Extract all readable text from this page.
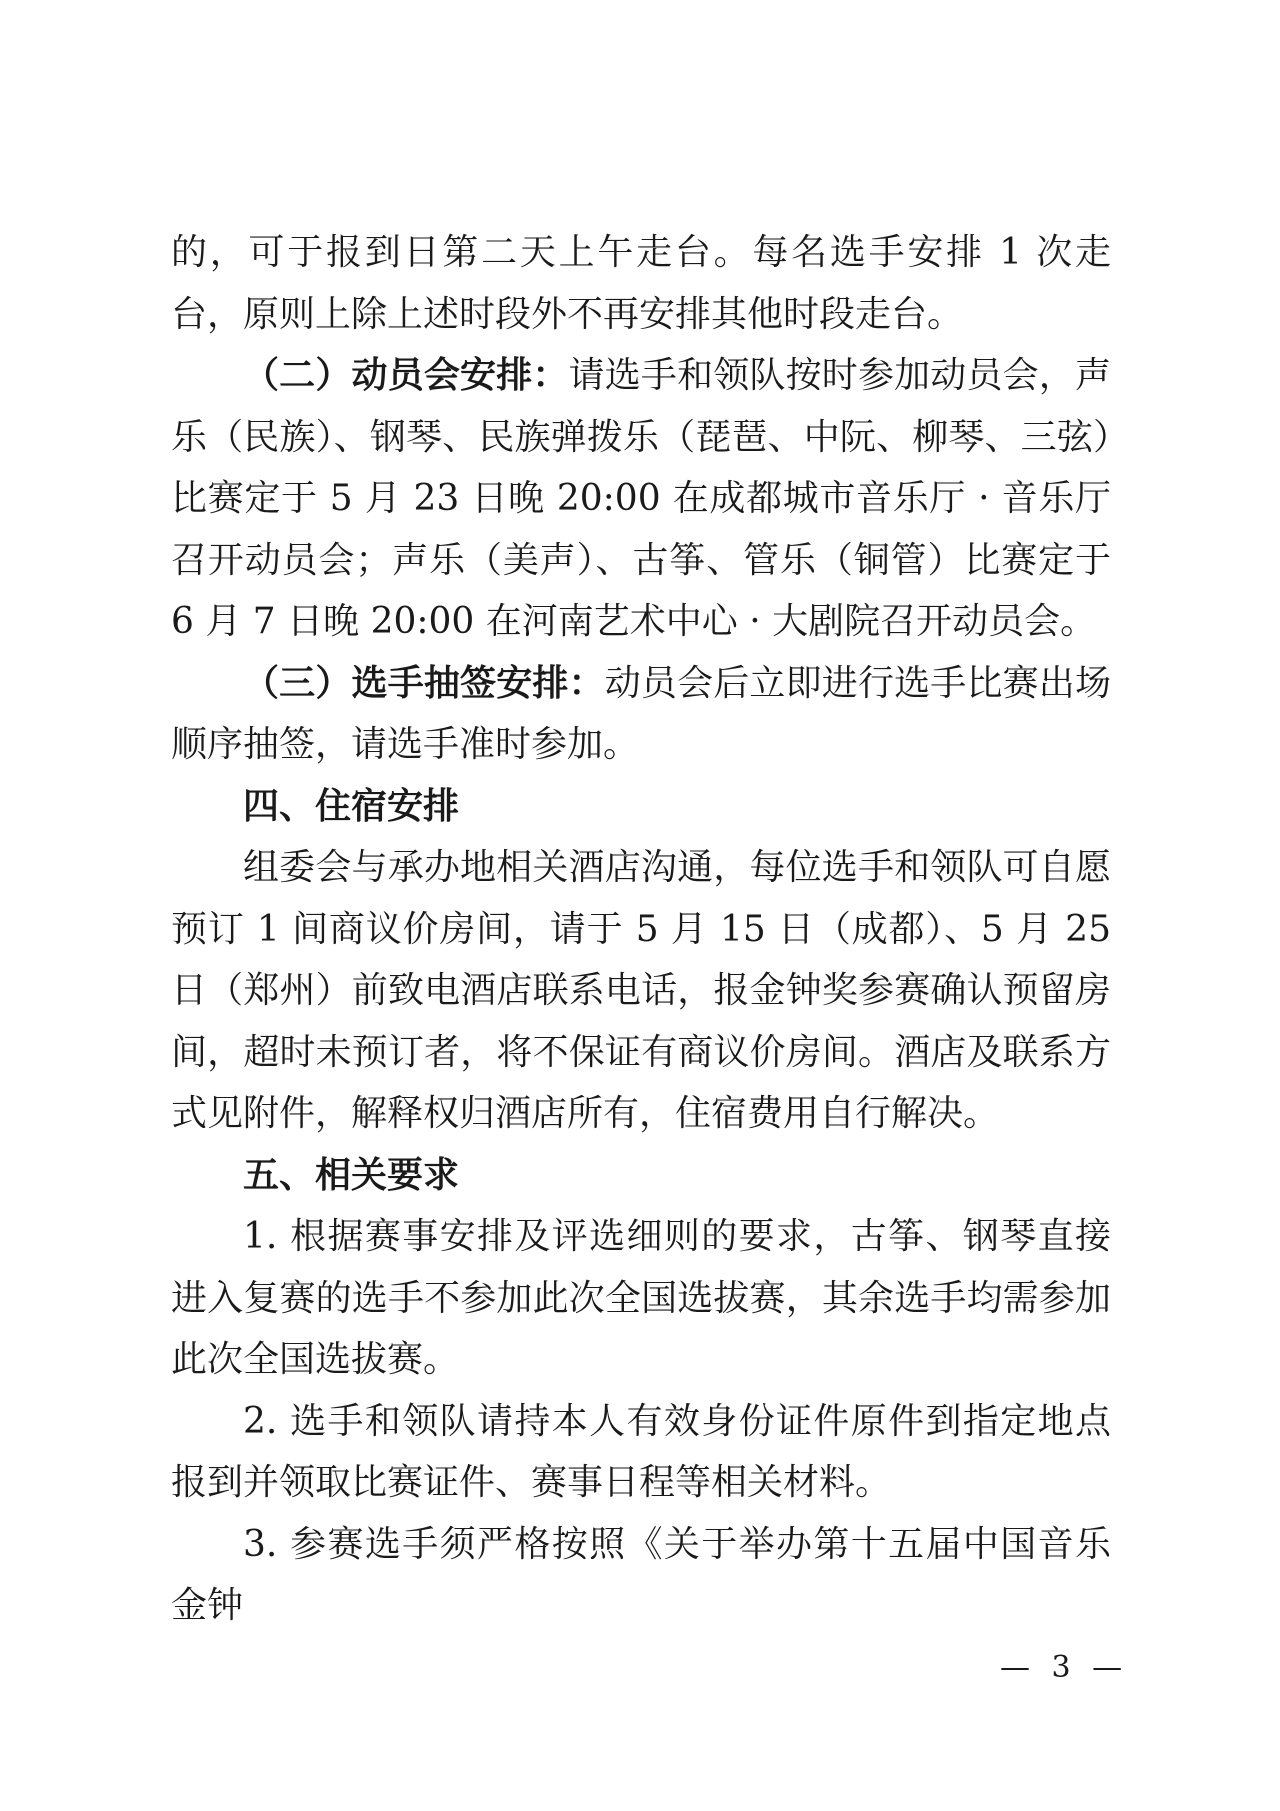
的，可于报到日第二天上午走台。每名选手安排 1 次走台，原则上除上述时段外不再安排其他时段走台。

（二）动员会安排：请选手和领队按时参加动员会，声乐（民族）、钢琴、民族弹拨乐（琵琶、中阮、柳琴、三弦）比赛定于 5 月 23 日晚 20:00 在成都城市音乐厅 · 音乐厅召开动员会；声乐（美声）、古筝、管乐（铜管）比赛定于 6 月 7 日晚 20:00 在河南艺术中心 · 大剧院召开动员会。

（三）选手抽签安排：动员会后立即进行选手比赛出场顺序抽签，请选手准时参加。

四、住宿安排

组委会与承办地相关酒店沟通，每位选手和领队可自愿预订 1 间商议价房间，请于 5 月 15 日（成都）、5 月 25 日（郑州）前致电酒店联系电话，报金钟奖参赛确认预留房间，超时未预订者，将不保证有商议价房间。酒店及联系方式见附件，解释权归酒店所有，住宿费用自行解决。

五、相关要求

1. 根据赛事安排及评选细则的要求，古筝、钢琴直接进入复赛的选手不参加此次全国选拔赛，其余选手均需参加此次全国选拔赛。

2. 选手和领队请持本人有效身份证件原件到指定地点报到并领取比赛证件、赛事日程等相关材料。

3. 参赛选手须严格按照《关于举办第十五届中国音乐金钟

— 3 —
